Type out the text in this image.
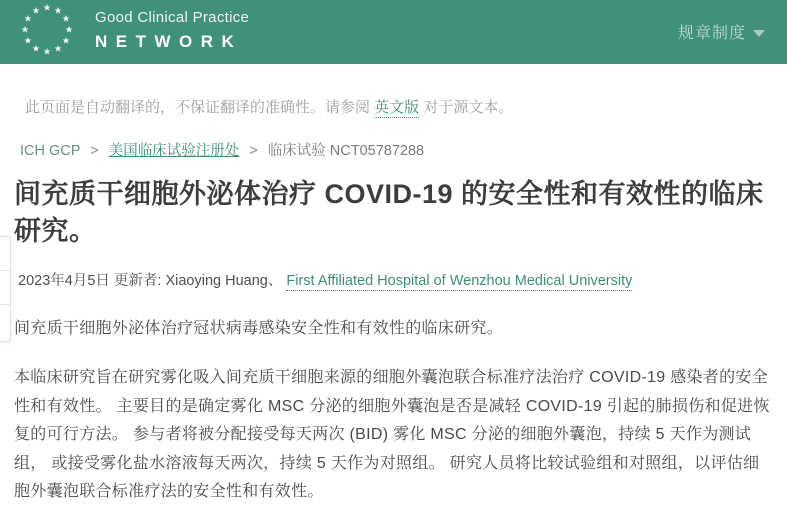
★ ★
★
★
★
★
★
★
★
★
★
★	Good Clinical Practice
NETWORK	规章制度
此页面是自动翻译的，不保证翻译的准确性。请参阅 英文版 对于源文本。
ICH GCP > 美国临床试验注册处 > 临床试验 NCT05787288
间充质干细胞外泌体治疗 COVID-19 的安全性和有效性的临床研究。
2023年4月5日 更新者: Xiaoying Huang、 First Affiliated Hospital of Wenzhou Medical University

间充质干细胞外泌体治疗冠状病毒感染安全性和有效性的临床研究。

本临床研究旨在研究雾化吸入间充质干细胞来源的细胞外囊泡联合标准疗法治疗 COVID-19 感染者的安全性和有效性。 主要目的是确定雾化 MSC 分泌的细胞外囊泡是否是减轻 COVID-19 引起的肺损伤和促进恢复的可行方法。 参与者将被分配接受每天两次 (BID) 雾化 MSC 分泌的细胞外囊泡，持续 5 天作为测试组， 或接受雾化盐水溶液每天两次，持续 5 天作为对照组。 研究人员将比较试验组和对照组，以评估细胞外囊泡联合标准疗法的安全性和有效性。
